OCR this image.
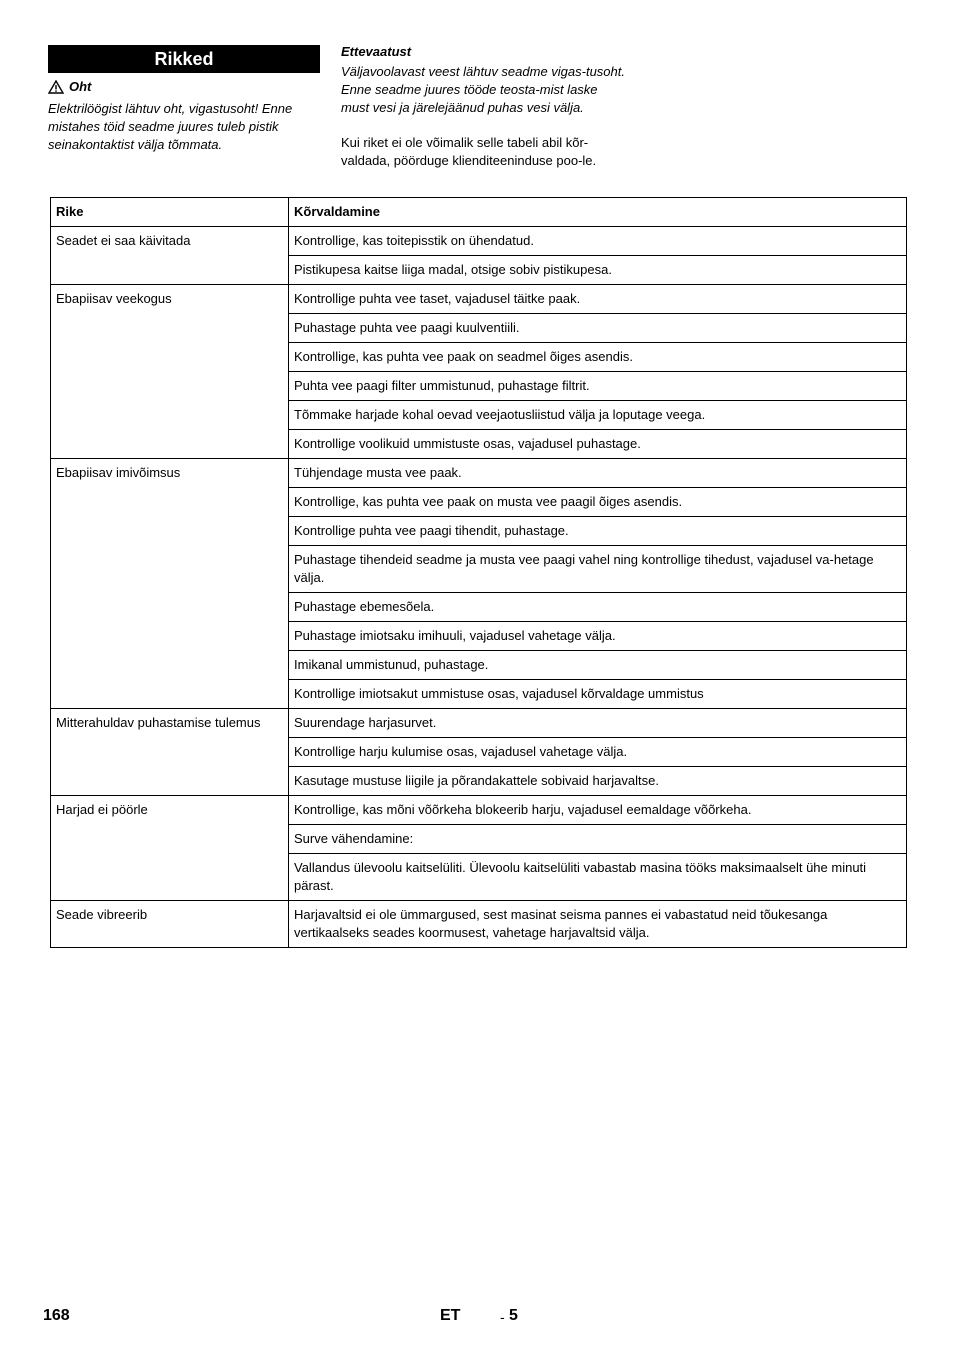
Rikked
Oht
Elektrilöögist lähtuv oht, vigastusoht! Enne mistahes töid seadme juures tuleb pistik seinakontaktist välja tõmmata.
Ettevaatust
Väljavoolavast veest lähtuv seadme vigas-tusoht. Enne seadme juures tööde teosta-mist laske must vesi ja järelejäänud puhas vesi välja.
Kui riket ei ole võimalik selle tabeli abil kõr-valdada, pöörduge klienditeeninduse poo-le.
Rike	Kõrvaldamine
Seadet ei saa käivitada	Kontrollige, kas toitepisstik on ühendatud.
	Pistikupesa kaitse liiga madal, otsige sobiv pistikupesa.
Ebapiisav veekogus	Kontrollige puhta vee taset, vajadusel täitke paak.
	Puhastage puhta vee paagi kuulventiili.
	Kontrollige, kas puhta vee paak on seadmel õiges asendis.
	Puhta vee paagi filter ummistunud, puhastage filtrit.
	Tõmmake harjade kohal oevad veejaotusliistud välja ja loputage veega.
	Kontrollige voolikuid ummistuste osas, vajadusel puhastage.
Ebapiisav imivõimsus	Tühjendage musta vee paak.
	Kontrollige, kas puhta vee paak on musta vee paagil õiges asendis.
	Kontrollige puhta vee paagi tihendit, puhastage.
	Puhastage tihendeid seadme ja musta vee paagi vahel ning kontrollige tihedust, vajadusel va-hetage välja.
	Puhastage ebemesõela.
	Puhastage imiotsaku imihuuli, vajadusel vahetage välja.
	Imikanal ummistunud, puhastage.
	Kontrollige imiotsakut ummistuse osas, vajadusel kõrvaldage ummistus
Mitterahuldav puhastamise tulemus	Suurendage harjasurvet.
	Kontrollige harju kulumise osas, vajadusel vahetage välja.
	Kasutage mustuse liigile ja põrandakattele sobivaid harjavaltse.
Harjad ei pöörle	Kontrollige, kas mõni võõrkeha blokeerib harju, vajadusel eemaldage võõrkeha.
	Surve vähendamine:
	Vallandus ülevoolu kaitselüliti. Ülevoolu kaitselüliti vabastab masina tööks maksimaalselt ühe minuti pärast.
Seade vibreerib	Harjavaltsid ei ole ümmargused, sest masinat seisma pannes ei vabastatud neid tõukesanga vertikaalseks seades koormusest, vahetage harjavaltsid välja.
168	ET	- 5
